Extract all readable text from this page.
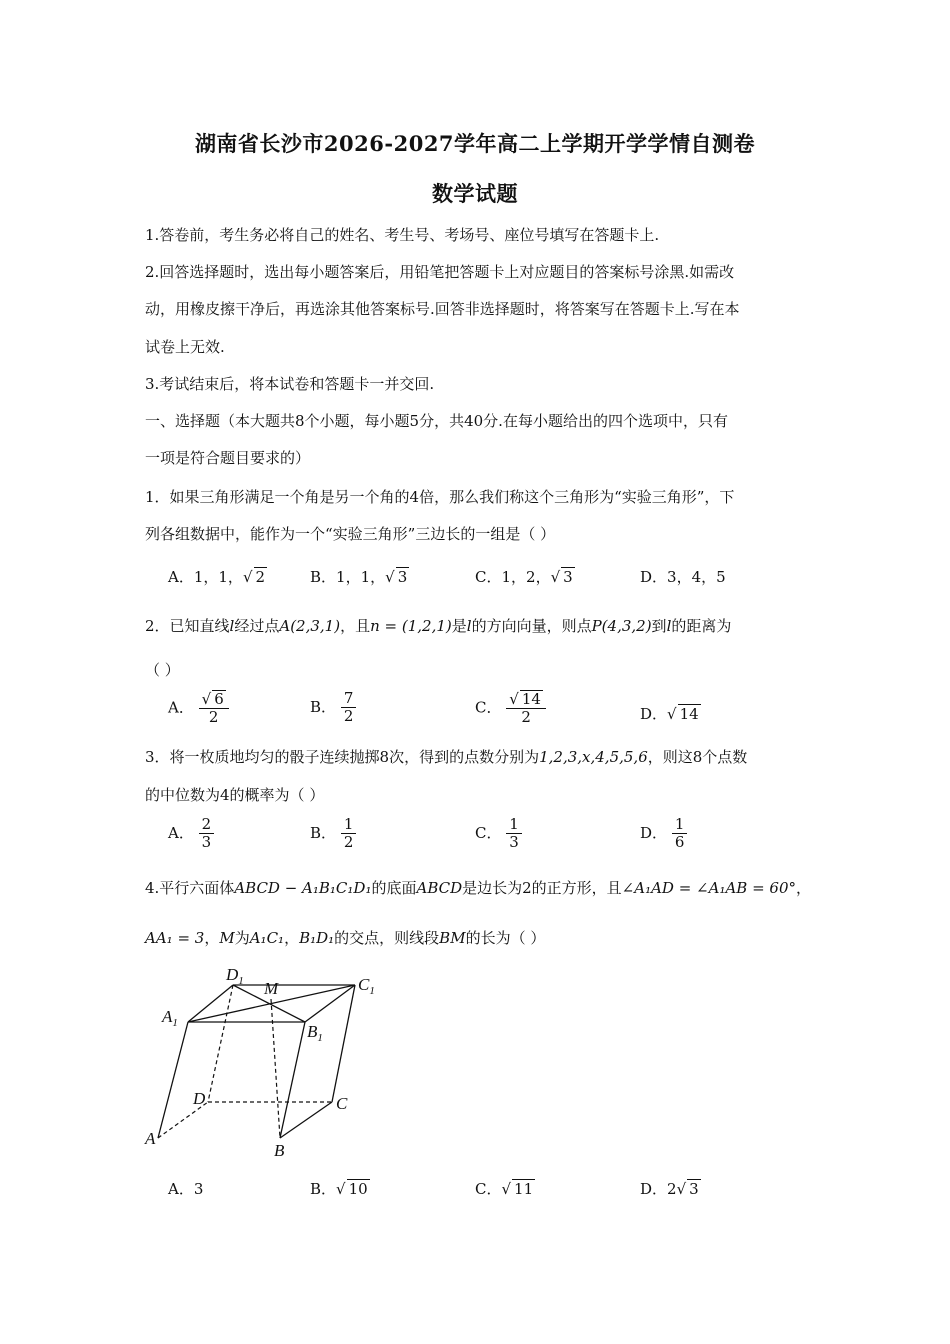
湖南省长沙市2026-2027学年高二上学期开学学情自测卷
数学试题
1.答卷前，考生务必将自己的姓名、考生号、考场号、座位号填写在答题卡上.
2.回答选择题时，选出每小题答案后，用铅笔把答题卡上对应题目的答案标号涂黑.如需改
动，用橡皮擦干净后，再选涂其他答案标号.回答非选择题时，将答案写在答题卡上.写在本
试卷上无效.
3.考试结束后，将本试卷和答题卡一并交回.
一、选择题（本大题共8个小题，每小题5分，共40分.在每小题给出的四个选项中，只有
一项是符合题目要求的）
1．如果三角形满足一个角是另一个角的4倍，那么我们称这个三角形为“实验三角形”，下
列各组数据中，能作为一个“实验三角形”三边长的一组是（ ）
A．1，1，√ 2	B．1，1，√ 3	C．1，2，√ 3	D．3，4，5
2．已知直线l经过点A(2,3,1)，且n = (1,2,1)是l的方向向量，则点P(4,3,2)到l的距离为
（ ）
A． $\frac{√ 6}{2}$	B． $\frac{7}{2}$	C． $\frac{√ 14}{2}$	D．√ 14
3．将一枚质地均匀的骰子连续抛掷8次，得到的点数分别为1,2,3,x,4,5,5,6，则这8个点数
的中位数为4的概率为（ ）
A． $\frac{2}{3}$	B． $\frac{1}{2}$	C． $\frac{1}{3}$	D． $\frac{1}{6}$
4.平行六面体ABCD − A₁B₁C₁D₁的底面ABCD是边长为2的正方形，且∠A₁AD = ∠A₁AB = 60°，
AA₁ = 3，M为A₁C₁，B₁D₁的交点，则线段BM的长为（ ）
$D_1$ M	$C_1$
$A_1$	$B_1$
D	C
A
B
A．3	B．√ 10	C．√ 11	D．2√ 3
